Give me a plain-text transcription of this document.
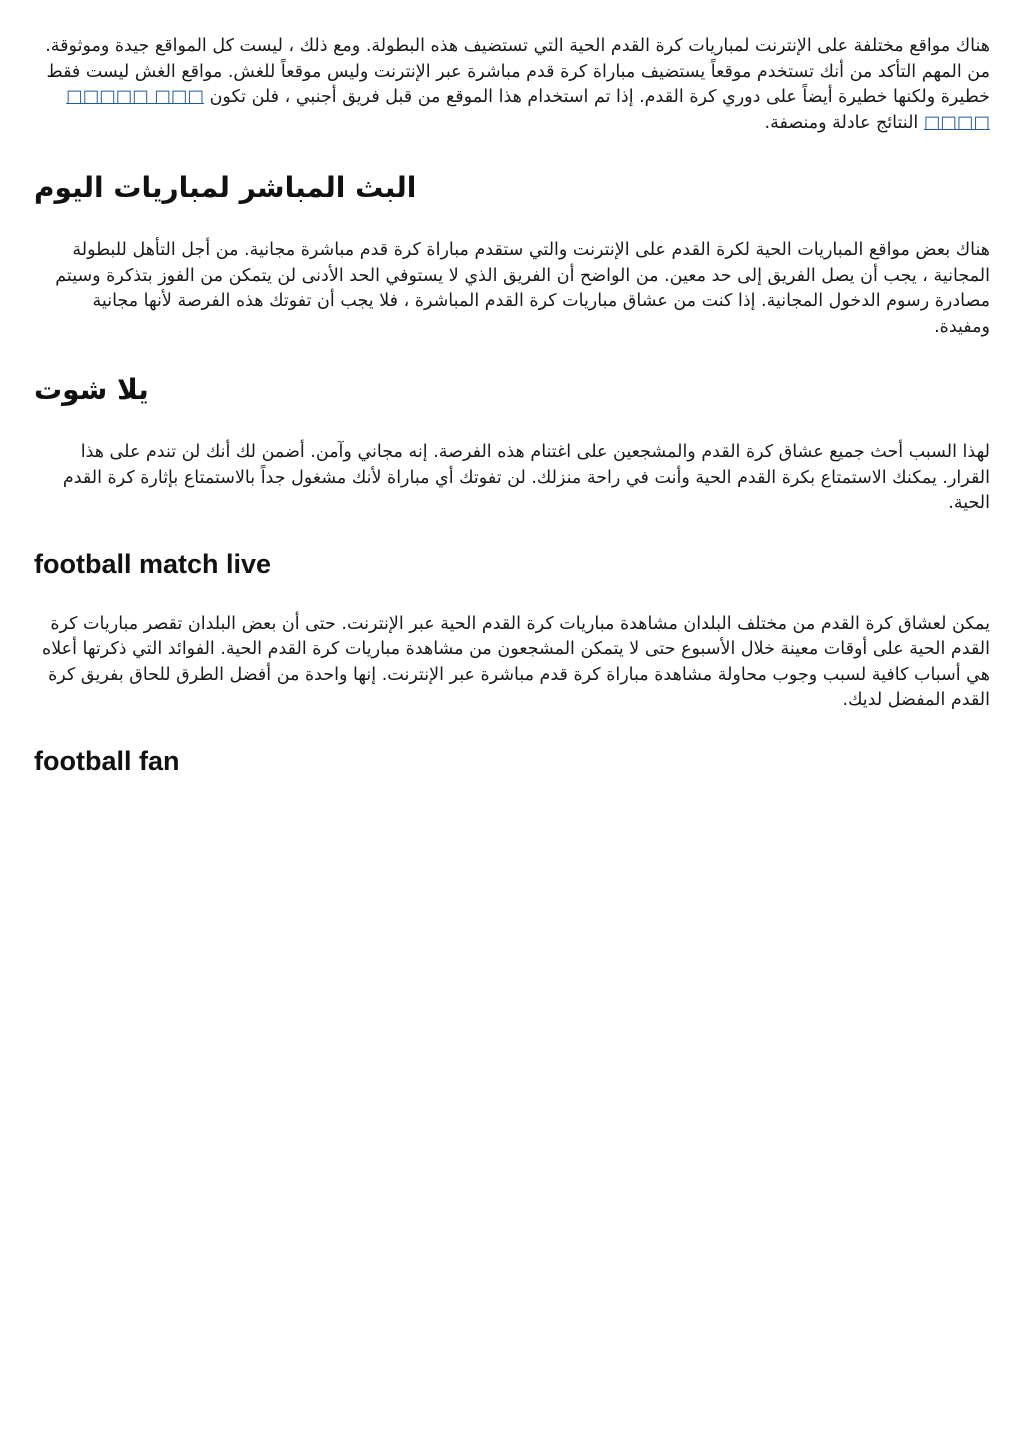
هناك مواقع مختلفة على الإنترنت لمباريات كرة القدم الحية التي تستضيف هذه البطولة. ومع ذلك ، ليست كل المواقع جيدة وموثوقة. من المهم التأكد من أنك تستخدم موقعاً يستضيف مباراة كرة قدم مباشرة عبر الإنترنت وليس موقعاً للغش. مواقع الغش ليست فقط خطيرة ولكنها خطيرة أيضاً على دوري كرة القدم. إذا تم استخدام هذا الموقع من قبل فريق أجنبي ، فلن تكون □□□ □□□□□ □□□□ النتائج عادلة ومنصفة.

البث المباشر لمباريات اليوم

هناك بعض مواقع المباريات الحية لكرة القدم على الإنترنت والتي ستقدم مباراة كرة قدم مباشرة مجانية. من أجل التأهل للبطولة المجانية ، يجب أن يصل الفريق إلى حد معين. من الواضح أن الفريق الذي لا يستوفي الحد الأدنى لن يتمكن من الفوز بتذكرة وسيتم مصادرة رسوم الدخول المجانية. إذا كنت من عشاق مباريات كرة القدم المباشرة ، فلا يجب أن تفوتك هذه الفرصة لأنها مجانية ومفيدة.

يلا شوت

لهذا السبب أحث جميع عشاق كرة القدم والمشجعين على اغتنام هذه الفرصة. إنه مجاني وآمن. أضمن لك أنك لن تندم على هذا القرار. يمكنك الاستمتاع بكرة القدم الحية وأنت في راحة منزلك. لن تفوتك أي مباراة لأنك مشغول جداً بالاستمتاع بإثارة كرة القدم الحية.

football match live

يمكن لعشاق كرة القدم من مختلف البلدان مشاهدة مباريات كرة القدم الحية عبر الإنترنت. حتى أن بعض البلدان تقصر مباريات كرة القدم الحية على أوقات معينة خلال الأسبوع حتى لا يتمكن المشجعون من مشاهدة مباريات كرة القدم الحية. الفوائد التي ذكرتها أعلاه هي أسباب كافية لسبب وجوب محاولة مشاهدة مباراة كرة قدم مباشرة عبر الإنترنت. إنها واحدة من أفضل الطرق للحاق بفريق كرة القدم المفضل لديك.

football fan
